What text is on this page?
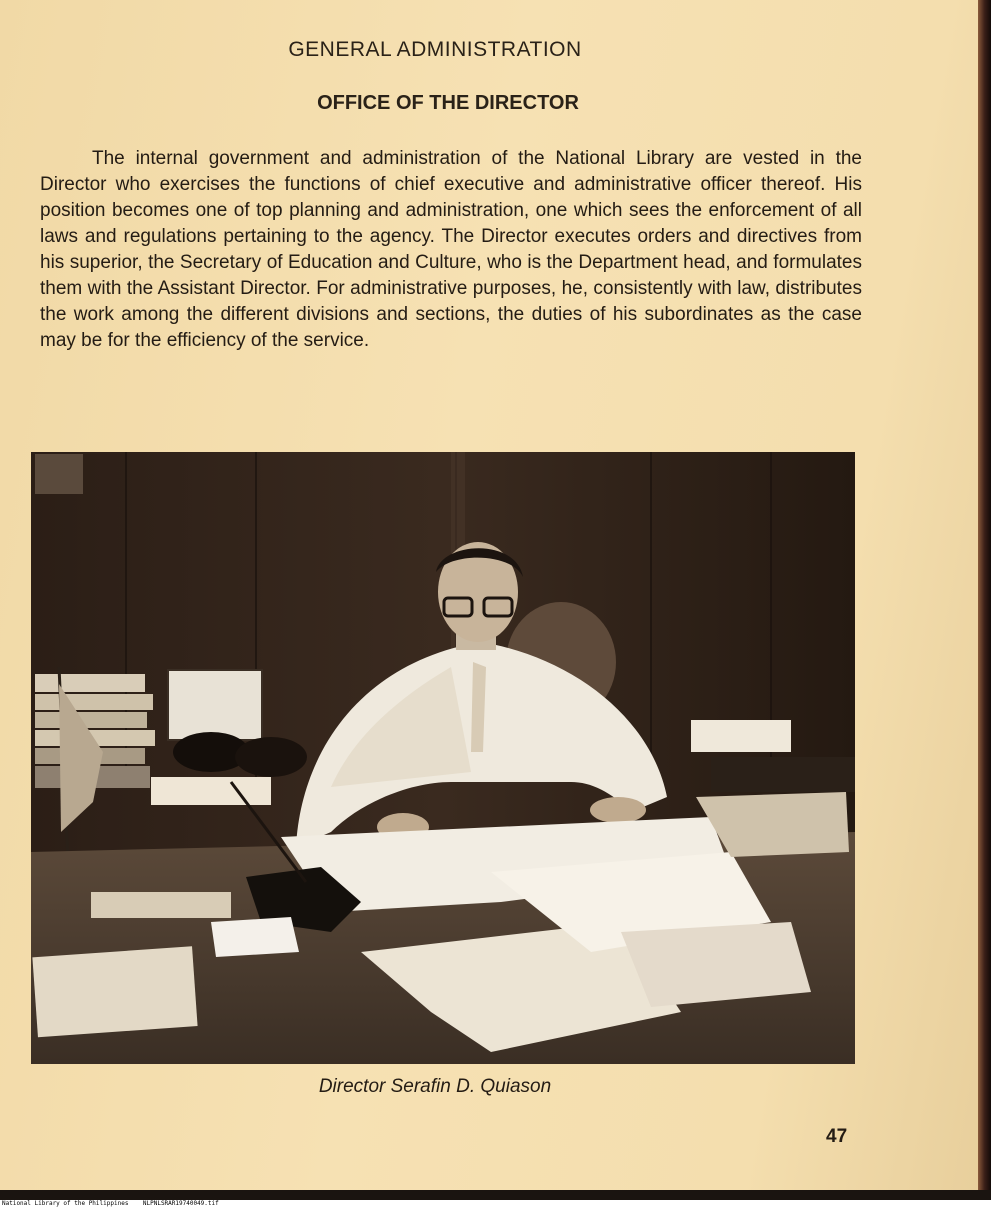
GENERAL ADMINISTRATION
OFFICE OF THE DIRECTOR
The internal government and administration of the National Library are vested in the Director who exercises the functions of chief executive and administrative officer thereof. His position becomes one of top planning and administration, one which sees the enforcement of all laws and regulations pertaining to the agency. The Director executes orders and directives from his superior, the Secretary of Education and Culture, who is the Department head, and formulates them with the Assistant Director. For administrative purposes, he, consistently with law, distributes the work among the different divisions and sections, the duties of his subordinates as the case may be for the efficiency of the service.
Director Serafin D. Quiason
47
National Library of the Philippines    NLPNLSRAR19740049.tif
